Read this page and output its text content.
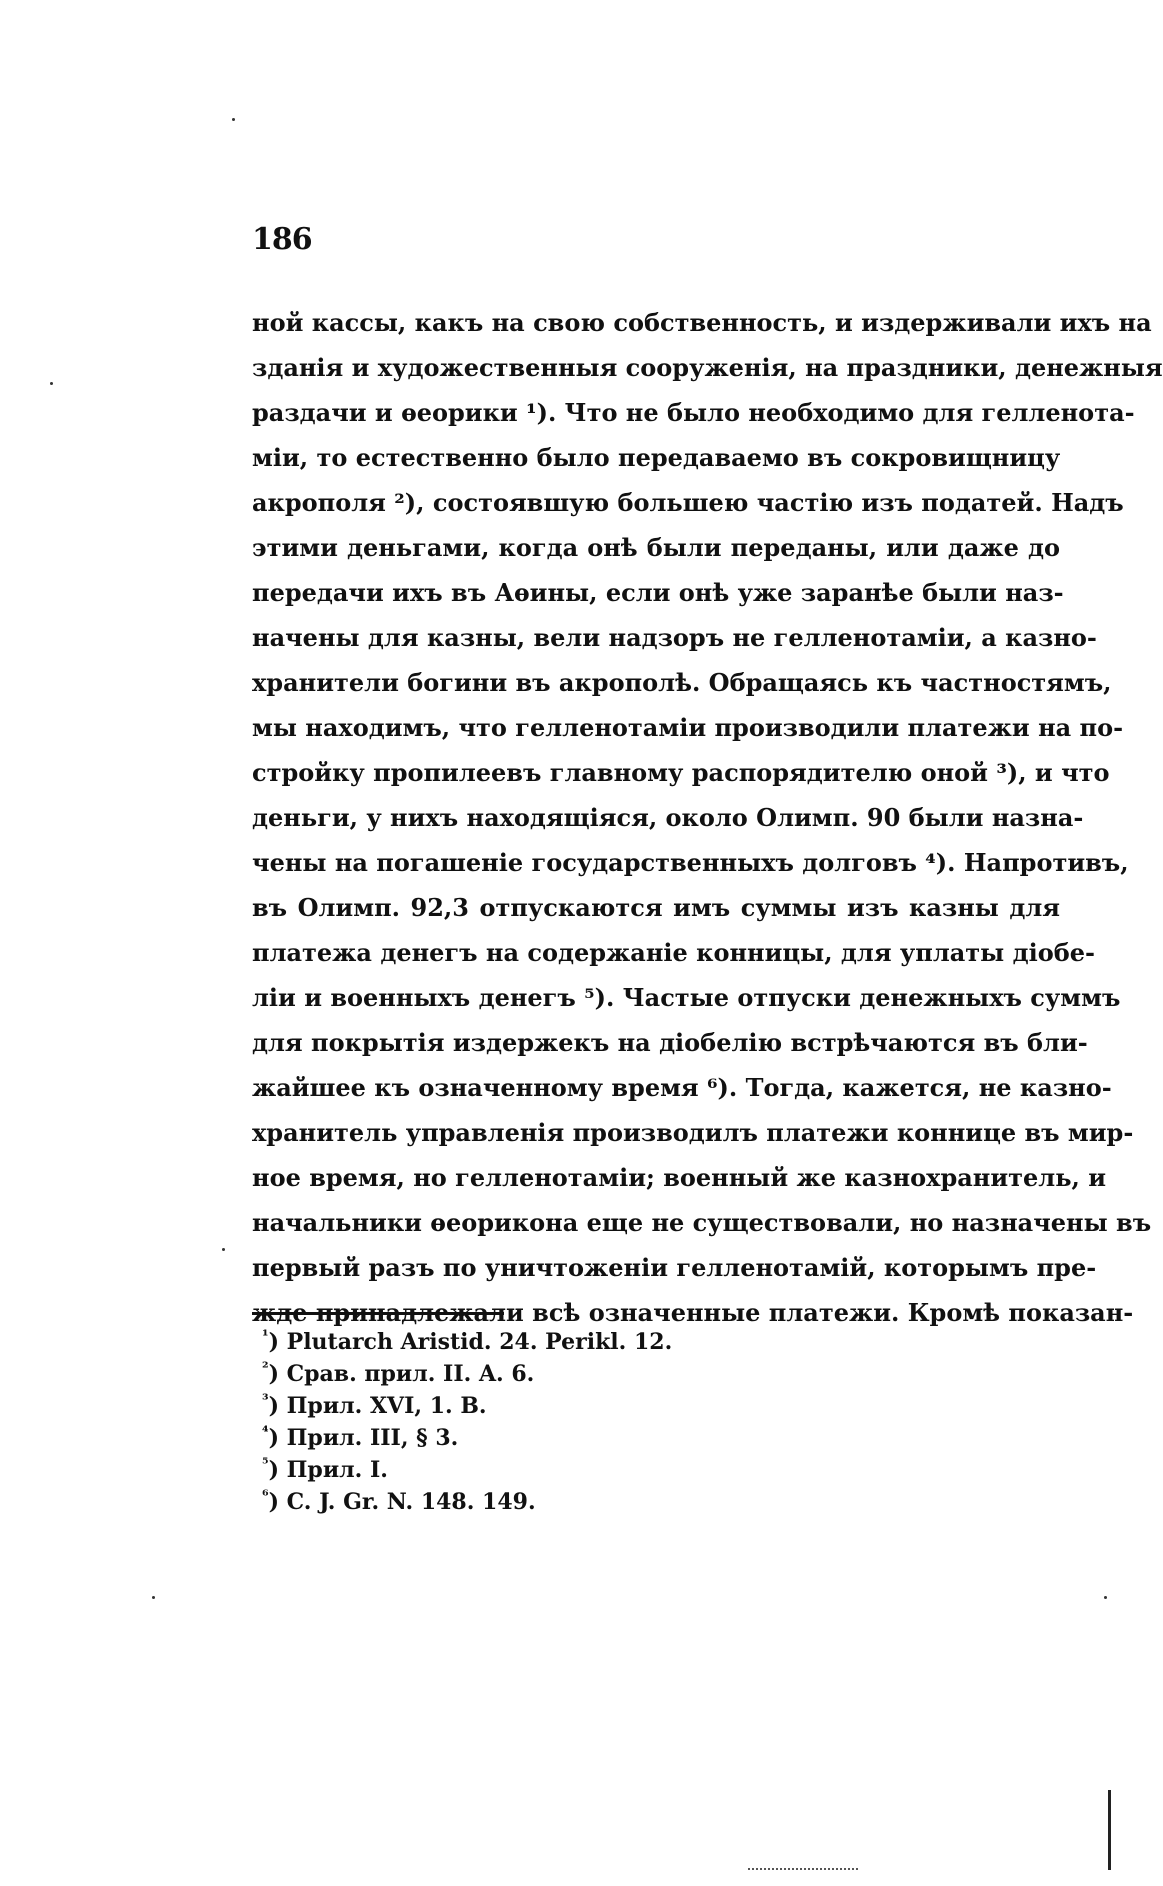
186
ной кассы, какъ на свою собственность, и издерживали ихъ на
зданія и художественныя сооруженія, на праздники, денежныя
раздачи и ѳеорики ¹). Что не было необходимо для гелленота-
міи, то естественно было передаваемо въ сокровищницу
акрополя ²), состоявшую большею частію изъ податей. Надъ
этими деньгами, когда онѣ были переданы, или даже до
передачи ихъ въ Аѳины, если онѣ уже заранѣе были наз-
начены для казны, вели надзоръ не гелленотаміи, а казно-
хранители богини въ акрополѣ. Обращаясь къ частностямъ,
мы находимъ, что гелленотаміи производили платежи на по-
стройку пропилеевъ главному распорядителю оной ³), и что
деньги, у нихъ находящіяся, около Олимп. 90 были назна-
чены на погашеніе государственныхъ долговъ ⁴). Напротивъ,
въ Олимп. 92,3 отпускаются имъ суммы изъ казны для
платежа денегъ на содержаніе конницы, для уплаты діобе-
ліи и военныхъ денегъ ⁵). Частые отпуски денежныхъ суммъ
для покрытія издержекъ на діобелію встрѣчаются въ бли-
жайшее къ означенному время ⁶). Тогда, кажется, не казно-
хранитель управленія производилъ платежи коннице въ мир-
ное время, но гелленотаміи; военный же казнохранитель, и
начальники ѳеорикона еще не существовали, но назначены въ
первый разъ по уничтоженіи гелленотамій, которымъ пре-
жде принадлежали всѣ означенные платежи. Кромѣ показан-
$^{^1}$) Plutarch Aristid. 24. Perikl. 12.
$^{^2}$) Срав. прил. II. A. 6.
$^{^3}$) Прил. XVI, 1. B.
$^{^4}$) Прил. III, § 3.
$^{^5}$) Прил. I.
$^{^6}$) C. J. Gr. N. 148. 149.
